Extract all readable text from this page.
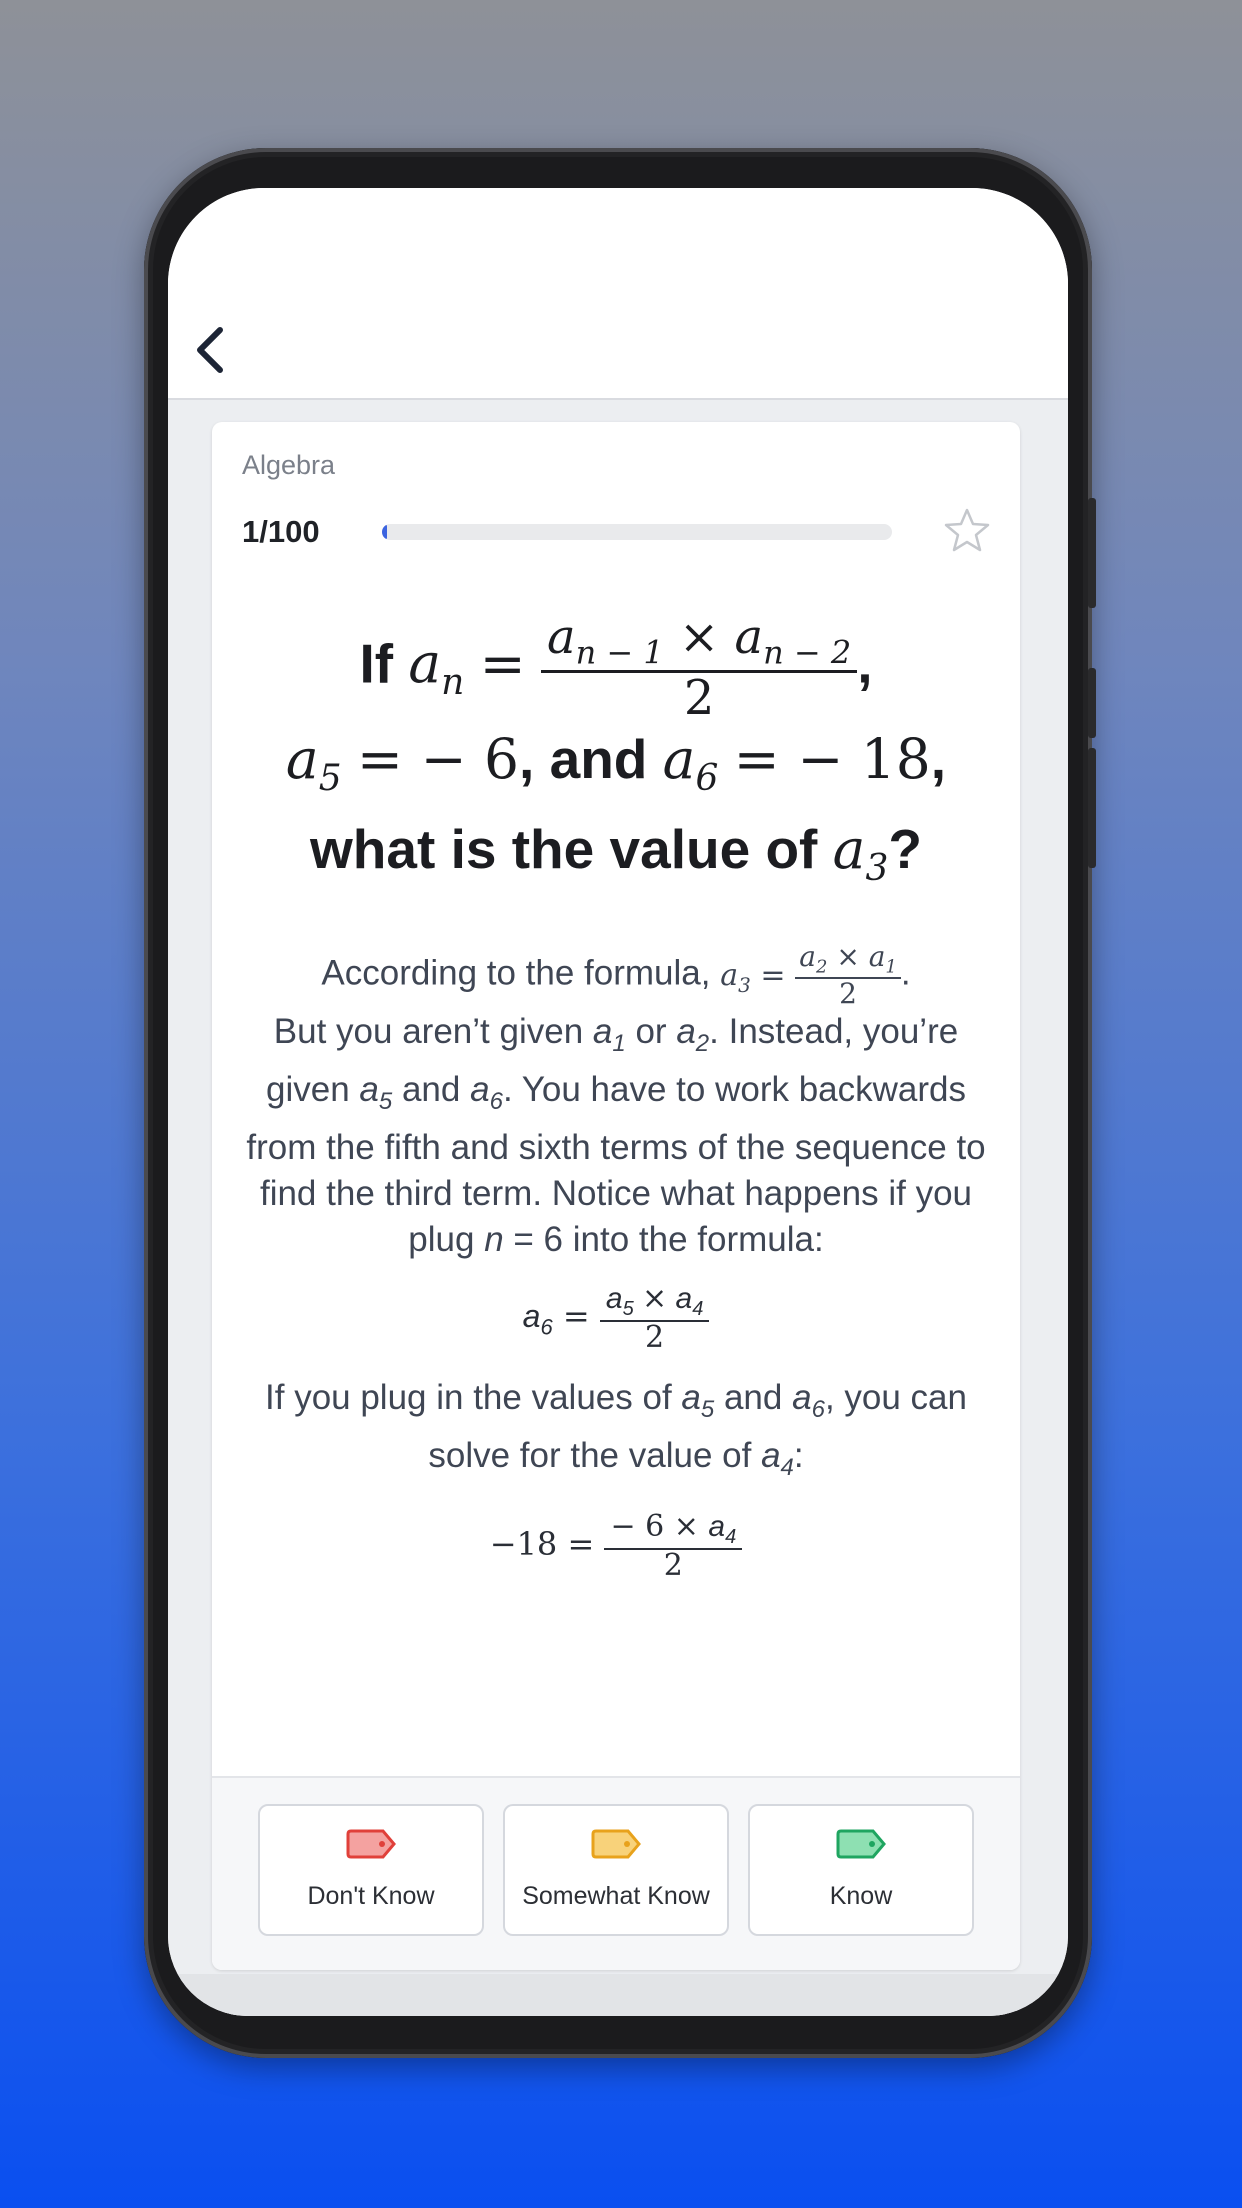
Algebra
1/100
If $a_n = \frac{a_{n - 1} \times a_{n - 2}}{2}$ ,
$a_5$ = − 6, and $a_6$ = − 18,
what is the value of $a_3$?

According to the formula, $a_3 = \frac{a_2 \times a_1}{2}$ .

But you aren’t given $a_1$ or $a_2$. Instead, you’re given $a_5$ and $a_6$. You have to work backwards from the fifth and sixth terms of the sequence to find the third term. Notice what happens if you plug n = 6 into the formula:

$a_6 = \frac{a_5 \times a_4}{2}$

If you plug in the values of $a_5$ and $a_6$, you can solve for the value of $a_4$:

$-18 = \frac{- 6 \times a_4}{2}$
Don't Know	Somewhat Know	Know
